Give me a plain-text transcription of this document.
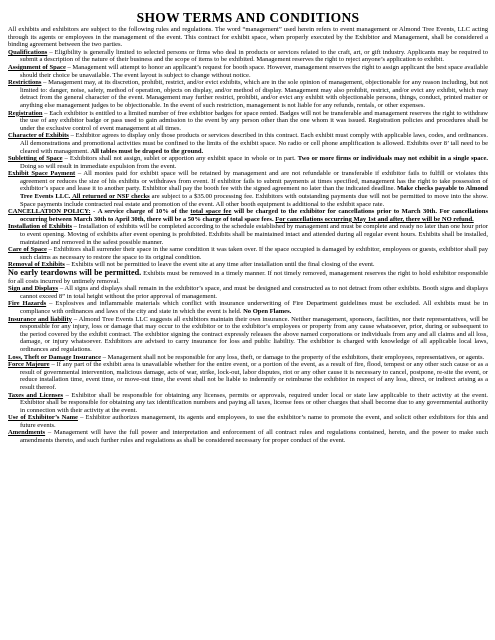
SHOW TERMS AND CONDITIONS

All exhibits and exhibitors are subject to the following rules and regulations. The word “management” used herein refers to event management or Almond Tree Events, LLC acting through its agents or employees in the management of the event. This contract for exhibit space, when properly executed by the Exhibitor and Management, shall be considered a binding agreement between the two parties.

Qualifications – Eligibility is generally limited to selected persons or firms who deal in products or services related to the craft, art, or gift industry. Applicants may be required to submit a description of the nature of their business and the scope of items to be exhibited. Management reserves the right to reject anyone’s application to exhibit.

Assignment of Space – Management will attempt to honor an applicant’s request for booth space. However, management reserves the right to assign applicant the best space available should their choice be unavailable. The event layout is subject to change without notice.

Restrictions – Management may, at its discretion, prohibit, restrict, and/or evict exhibits, which are in the sole opinion of management, objectionable for any reason including, but not limited to: danger, noise, safety, method of operation, objects on display, and/or method of display. Management may also prohibit, restrict, and/or evict any exhibit, which may detract from the general character of the event. Management may further restrict, prohibit, and/or evict any exhibit with objectionable persons, things, conduct, printed matter or anything else management judges to be objectionable. In the event of such restriction, management is not liable for any refunds, rentals, or other expenses.

Registration – Each exhibitor is entitled to a limited number of free exhibitor badges for space rented. Badges will not be transferable and management reserves the right to withdraw the use of any exhibitor badge or pass used to gain admission to the event by any person other than the one whom it was issued. Registration policies and procedures shall be under the exclusive control of event management at all times.

Character of Exhibits – Exhibitor agrees to display only those products or services described in this contract. Each exhibit must comply with applicable laws, codes, and ordinances. All demonstrations and promotional activities must be confined to the limits of the exhibit space. No radio or cell phone amplification is allowed. Exhibits over 8’ tall need to be cleared with management. All tables must be draped to the ground.

Subletting of Space – Exhibitors shall not assign, sublet or apportion any exhibit space in whole or in part. Two or more firms or individuals may not exhibit in a single space. Doing so will result in immediate expulsion from the event.

Exhibit Space Payment – All monies paid for exhibit space will be retained by management and are not refundable or transferable if exhibitor fails to fulfill or violates this agreement or reduces the size of his exhibits or withdraws from event. If exhibitor fails to submit payments at times specified, management has the right to take possession of exhibitor’s space and lease it to another party. Exhibitor shall pay the booth fee with the signed agreement no later than the indicated deadline. Make checks payable to Almond Tree Events LLC. All returned or NSF checks are subject to a $35.00 processing fee. Exhibitors with outstanding payments due will not be permitted to move into the show. Space payments include contracted real estate and promotion of the event. All other booth equipment is additional to the exhibit space rate.

CANCELLATION POLICY: - A service charge of 10% of the total space fee will be charged to the exhibitor for cancellations prior to March 30th. For cancellations occurring between March 30th to April 30th, there will be a 50% charge of total space fees. For cancellations occurring May 1st and after, there will be NO refund.

Installation of Exhibits – Installation of exhibits will be completed according to the schedule established by management and must be complete and ready no later than one hour prior to event opening. Moving of exhibits after event opening is prohibited. Exhibits shall be maintained intact and attended during all regular event hours. Exhibits shall be installed, maintained and removed in the safest possible manner.

Care of Space – Exhibitors shall surrender their space in the same condition it was taken over. If the space occupied is damaged by exhibitor, employees or guests, exhibitor shall pay such claims as necessary to restore the space to its original condition.

Removal of Exhibits – Exhibits will not be permitted to leave the event site at any time after installation until the final closing of the event.

No early teardowns will be permitted. Exhibits must be removed in a timely manner. If not timely removed, management reserves the right to hold exhibitor responsible for all costs incurred by untimely removal.

Sign and Displays – All signs and displays shall remain in the exhibitor’s space, and must be designed and constructed as to not detract from other exhibits. Booth signs and displays cannot exceed 8” in total height without the prior approval of management.

Fire Hazards – Explosives and inflammable materials which conflict with insurance underwriting of Fire Department guidelines must be excluded. All exhibits must be in compliance with ordinances and laws of the city and state in which the event is held. No Open Flames.

Insurance and liability – Almond Tree Events LLC suggests all exhibitors maintain their own insurance. Neither management, sponsors, facilities, nor their representatives, will be responsible for any injury, loss or damage that may occur to the exhibitor or to the exhibitor’s employees or property from any cause whatsoever, prior, during or subsequent to the period covered by the exhibit contract. The exhibitor signing the contract expressly releases the above named corporations or individuals from any and all claims and all loss, damage, or injury whatsoever. Exhibitors are advised to carry insurance for loss and public liability. The exhibitor is charged with knowledge of all applicable local laws, ordinances and regulations.

Loss, Theft or Damage Insurance – Management shall not be responsible for any loss, theft, or damage to the property of the exhibitors, their employees, representatives, or agents.

Force Majeure – If any part of the exhibit area is unavailable whether for the entire event, or a portion of the event, as a result of fire, flood, tempest or any other such cause or as a result of governmental intervention, malicious damage, acts of war, strike, lock-out, labor disputes, riot or any other cause it is necessary to cancel, postpone, re-site the event, or reduce installation time, event time, or move-out time, the event shall not be liable to indemnify or reimburse the exhibitor in respect of any loss, direct, or indirect arising as a result thereof.

Taxes and Licenses – Exhibitor shall be responsible for obtaining any licenses, permits or approvals, required under local or state law applicable to their activity at the event. Exhibitor shall be responsible for obtaining any tax identification numbers and paying all taxes, license fees or other charges that shall become due to any governmental authority in connection with their activity at the event.

Use of Exhibitor’s Name – Exhibitor authorizes management, its agents and employees, to use the exhibitor’s name to promote the event, and solicit other exhibitors for this and future events.

Amendments – Management will have the full power and interpretation and enforcement of all contract rules and regulations contained, herein, and the power to make such amendments thereto, and such further rules and regulations as shall be considered necessary for proper conduct of the event.
